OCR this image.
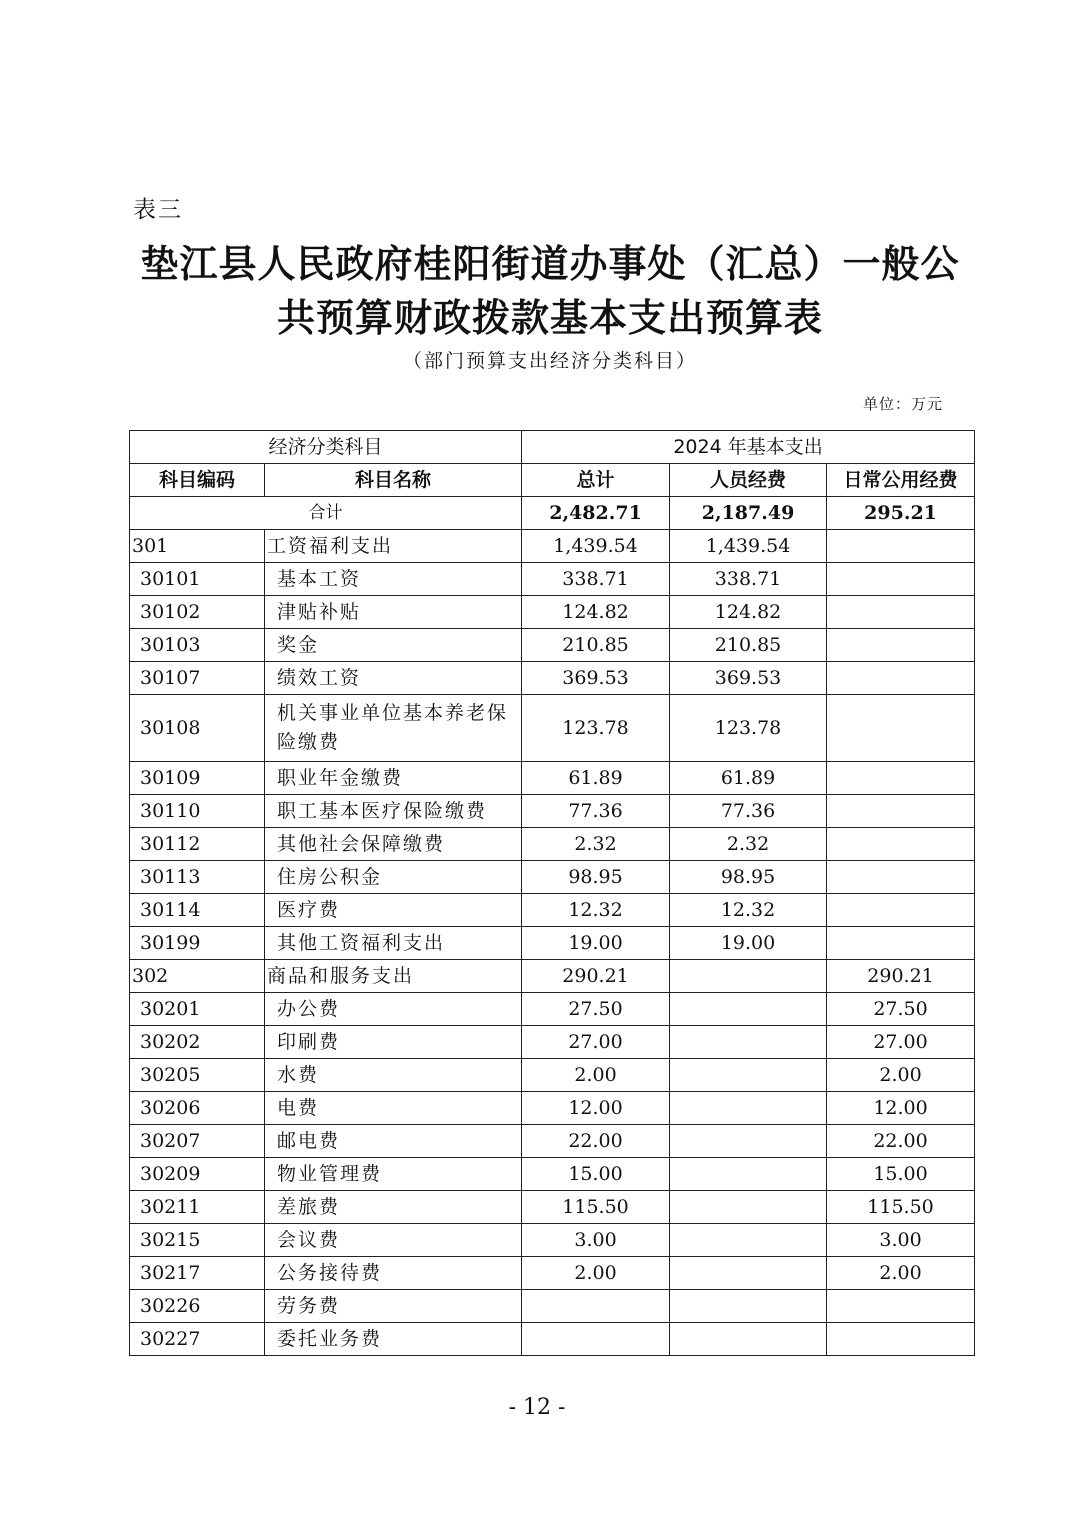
表三
垫江县人民政府桂阳街道办事处（汇总）一般公
共预算财政拨款基本支出预算表
（部门预算支出经济分类科目）
单位：万元
经济分类科目		2024 年基本支出		
科目编码	科目名称	总计	人员经费	日常公用经费
合计		2,482.71	2,187.49	295.21
301	工资福利支出	1,439.54	1,439.54	
30101	基本工资	338.71	338.71	
30102	津贴补贴	124.82	124.82	
30103	奖金	210.85	210.85	
30107	绩效工资	369.53	369.53	
30108	机关事业单位基本养老保险缴费	123.78	123.78	
30109	职业年金缴费	61.89	61.89	
30110	职工基本医疗保险缴费	77.36	77.36	
30112	其他社会保障缴费	2.32	2.32	
30113	住房公积金	98.95	98.95	
30114	医疗费	12.32	12.32	
30199	其他工资福利支出	19.00	19.00	
302	商品和服务支出	290.21		290.21
30201	办公费	27.50		27.50
30202	印刷费	27.00		27.00
30205	水费	2.00		2.00
30206	电费	12.00		12.00
30207	邮电费	22.00		22.00
30209	物业管理费	15.00		15.00
30211	差旅费	115.50		115.50
30215	会议费	3.00		3.00
30217	公务接待费	2.00		2.00
30226	劳务费			
30227	委托业务费			
- 12 -
